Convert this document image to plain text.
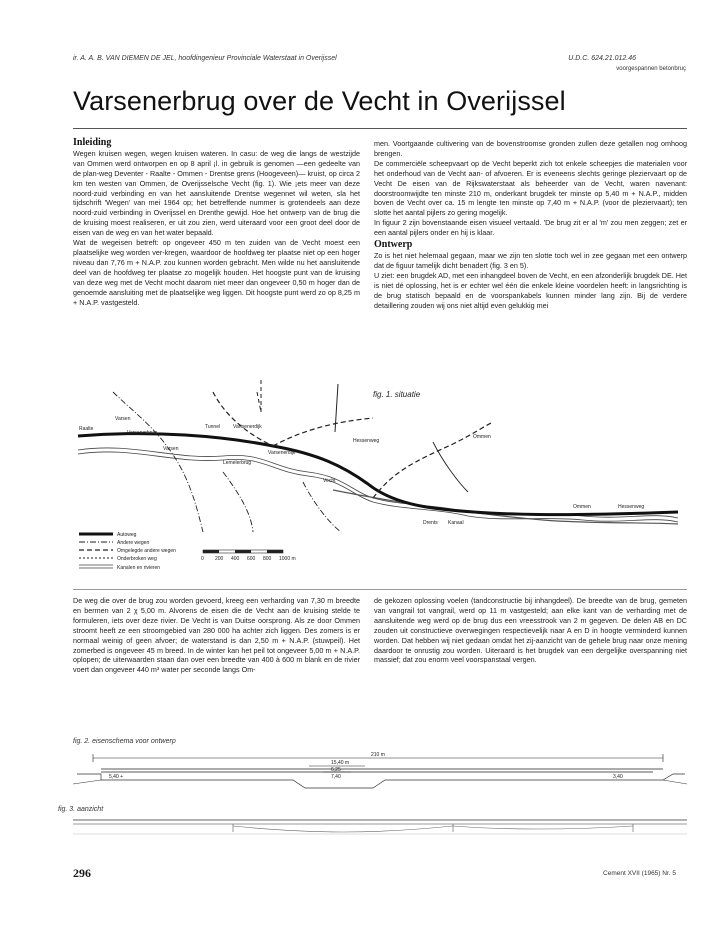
ir. A. A. B. VAN DIEMEN DE JEL, hoofdingenieur Provinciale Waterstaat in Overijssel	U.D.C. 624.21.012.46
voorgespannen betonbruç
Varsenerbrug over de Vecht in Overijssel
Inleiding

Wegen kruisen wegen, wegen kruisen wateren. In casu: de weg die langs de westzijde van Ommen werd ontworpen en op 8 april ¡l. in gebruik is genomen —een gedeelte van de plan-weg Deventer - Raalte - Ommen - Drentse grens (Hoogeveen)— kruist, op circa 2 km ten westen van Ommen, de Overijsselsche Vecht (fig. 1). Wie ¡ets meer van deze noord-zuid verbinding en van het aansluitende Drentse wegennet wil weten, sla het tijdschrift 'Wegen' van mei 1964 op; het betreffende nummer is grotendeels aan deze noord-zuid verbinding in Overijssel en Drenthe gewijd. Hoe het ontwerp van de brug die de kruising moest realiseren, er uit zou zien, werd uiteraard voor een groot deel door de eisen van de weg en van het water bepaald.

Wat de wegeisen betreft: op ongeveer 450 m ten zuiden van de Vecht moest een plaatselijke weg worden ver-kregen, waardoor de hoofdweg ter plaatse niet op een hoger niveau dan 7,76 m + N.A.P. zou kunnen worden gebracht. Men wilde nu het aansluitende deel van de hoofdweg ter plaatse zo mogelijk houden. Het hoogste punt van de kruising van deze weg met de Vecht mocht daarom niet meer dan ongeveer 0,50 m hoger dan de genoemde aansluiting met de plaatselijke weg liggen. Dit hoogste punt werd zo op 8,25 m + N.A.P. vastgesteld.

men. Voortgaande cultivering van de bovenstroomse gronden zullen deze getallen nog omhoog brengen.

De commerciële scheepvaart op de Vecht beperkt zich tot enkele scheepjes die materialen voor het onderhoud van de Vecht aan- of afvoeren. Er is eveneens slechts geringe pleziervaart op de Vecht De eisen van de Rijkswaterstaat als beheerder van de Vecht, waren navenant: doorstroomwijdte ten minste 210 m, onderkant brugdek ter minste op 5,40 m + N.A.P., midden boven de Vecht over ca. 15 m lengte ten minste op 7,40 m + N.A.P. (voor de pleziervaart); ten slotte het aantal pijlers zo gering mogelijk.

In figuur 2 zijn bovenstaande eisen visueel vertaald. 'De brug zit er al 'm' zou men zeggen; zet er een aantal pijlers onder en hij is klaar.

Ontwerp

Zo is het niet helemaal gegaan, maar we zijn ten slotte toch wel in zee gegaan met een ontwerp dat de figuur tamelijk dicht benadert (fig. 3 en 5).

U ziet: een brugdek AD, met een inhangdeel boven de Vecht, en een afzonderlijk brugdek DE. Het is niet dé oplossing, het is er echter wel één die enkele kleine voordelen heeft: in langsrichting is de brug statisch bepaald en de voorspankabels kunnen minder lang zijn. Bij de verdere detaillering zouden wij ons niet altijd even gelukkig mei

fig. 1. situatie
Raalte
Varsen
Tunnel	Vartsenerdijk
Varsenerbrug
Varsenerdijk
Lemelerbrug
Hessenweg
Ommen
Vecht
Hessenweg
Drents Kanaal
Varsen
Ommen
Autoweg
Andere wegen
Omgelegde andere wegen
Onderbroken weg
Kanalen en rivieren
0 200 400 600 800 1000 m

De weg die over de brug zou worden gevoerd, kreeg een verharding van 7,30 m breedte en bermen van 2 χ 5,00 m. Alvorens de eisen die de Vecht aan de kruising stelde te formuleren, iets over deze rivier. De Vecht is van Duitse oorsprong. Als ze door Ommen stroomt heeft ze een stroomgebied van 280 000 ha achter zich liggen. Des zomers is er normaal weinig of geen afvoer; de waterstand is dan 2,50 m + N.A.P. (stuwpeil). Het zomerbed is ongeveer 45 m breed. In de winter kan het peil tot ongeveer 5,00 m + N.A.P. oplopen; de uiterwaarden staan dan over een breedte van 400 à 600 m blank en de rivier voert dan ongeveer 440 m³ water per seconde langs Om-

de gekozen oplossing voelen (tandconstructie bij inhangdeel). De breedte van de brug, gemeten van vangrail tot vangrail, werd op 11 m vastgesteld; aan elke kant van de verharding met de aansluitende weg werd op de brug dus een vreesstrook van 2 m gegeven. De delen AB en DC zouden uit constructieve overwegingen respectievelijk naar A en D in hoogte verminderd kunnen worden. Dat hebben wij niet gedaan omdat het zij-aanzicht van de gehele brug naar onze mening daardoor te onrustig zou worden. Uiteraard is het brugdek van een dergelijke overspanning niet massief; dat zou enorm veel voorspanstaal vergen.

fig. 2. eisenschema voor ontwerp
210 m
15,40 m
6,25
7,40
5,40 +	3,40
fig. 3. aanzicht
296	Cement XVII (1965) Nr. 5
